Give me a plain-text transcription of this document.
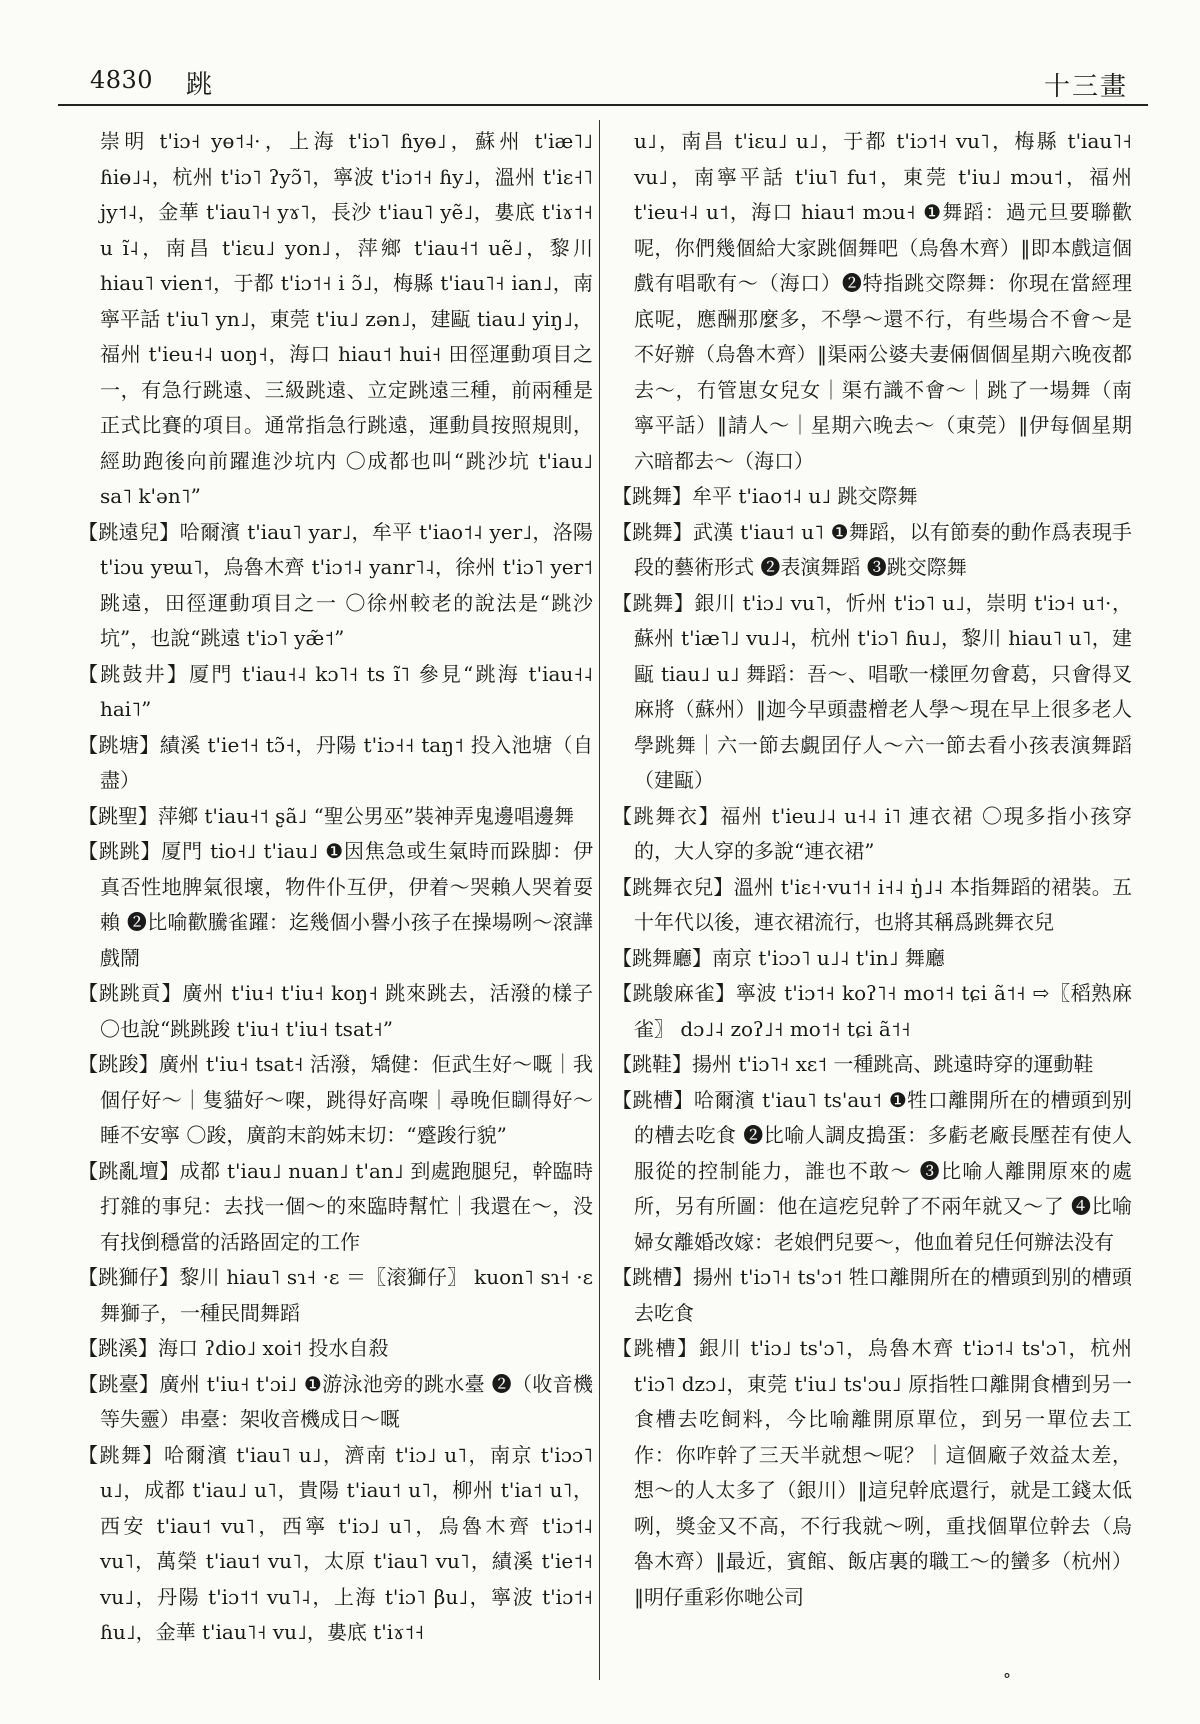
4830 跳	十三畫

崇明 t'iɔ˧ yɵ˦˨·，上海 t'iɔ˥ ɦyɵ˩，蘇州 t'iæ˥˩ ɦiɵ˩˨，杭州 t'iɔ˥ ʔyɔ̃˥，寧波 t'iɔ˦˧ ɦy˩，溫州 t'iɛ˧˥ jy˦˨，金華 t'iau˥˧ yɤ˥，長沙 t'iau˥ yẽ˩，婁底 t'iɤ˦˧ u ĩ˨，南昌 t'iɛu˩ yon˩，萍鄉 t'iau˧˦ uẽ˩，黎川 hiau˥ vien˦，于都 t'iɔ˦˧ i ɔ̃˩，梅縣 t'iau˥˧ ian˩，南寧平話 t'iu˥ yn˩，東莞 t'iu˩ zən˩，建甌 tiau˩ yiŋ˩，福州 t'ieu˧˨ uoŋ˧，海口 hiau˦ hui˧ 田徑運動項目之一，有急行跳遠、三級跳遠、立定跳遠三種，前兩種是正式比賽的項目。通常指急行跳遠，運動員按照規則，經助跑後向前躍進沙坑内 〇成都也叫“跳沙坑 t'iau˩ sa˥ k'ən˥”

【跳遠兒】哈爾濱 t'iau˥ yar˩，牟平 t'iao˦˨ yer˩，洛陽 t'iɔu yɐɯ˥，烏魯木齊 t'iɔ˦˨ yanr˥˨，徐州 t'iɔ˥ yer˦ 跳遠，田徑運動項目之一 〇徐州較老的說法是“跳沙坑”，也說“跳遠 t'iɔ˥ yæ̃˦”

【跳鼓井】厦門 t'iau˧˨ kɔ˥˧ ts ĩ˥ 參見“跳海 t'iau˧˨ hai˥”

【跳塘】績溪 t'ie˦˧ tɔ̃˧，丹陽 t'iɔ˧˧ taŋ˦ 投入池塘（自盡）

【跳聖】萍鄉 t'iau˧˦ ʂã˩ “聖公男巫”裝神弄鬼邊唱邊舞

【跳跳】厦門 tio˧˩ t'iau˩ ❶因焦急或生氣時而跺脚：伊真否性地脾氣很壞，物件仆互伊，伊着～哭賴人哭着耍賴 ❷比喻歡騰雀躍：迄幾個小譽小孩子在操場咧～滾譁戲鬧

【跳跳貢】廣州 t'iu˧ t'iu˧ koŋ˧ 跳來跳去，活潑的樣子 〇也說“跳跳踆 t'iu˧ t'iu˧ tsat˧”

【跳踆】廣州 t'iu˧ tsat˧ 活潑，矯健：佢武生好～嘅｜我個仔好～｜隻貓好～㗎，跳得好高㗎｜尋晚佢瞓得好～睡不安寧 〇踆，廣韵末韵姊末切：“蹙踆行貌”

【跳亂壇】成都 t'iau˩ nuan˩ t'an˩ 到處跑腿兒，幹臨時打雜的事兒：去找一個～的來臨時幫忙｜我還在～，没有找倒穩當的活路固定的工作

【跳獅仔】黎川 hiau˥ sɿ˧ ·ɛ ＝〖滚獅仔〗 kuon˥ sɿ˧ ·ɛ 舞獅子，一種民間舞蹈

【跳溪】海口 ʔdio˩ xoi˦ 投水自殺

【跳臺】廣州 t'iu˧ t'ɔi˩ ❶游泳池旁的跳水臺 ❷（收音機等失靈）串臺：架收音機成日～嘅

【跳舞】哈爾濱 t'iau˥ u˩，濟南 t'iɔ˩ u˥，南京 t'iɔɔ˥ u˩，成都 t'iau˩ u˥，貴陽 t'iau˦ u˥，柳州 t'ia˦ u˥，西安 t'iau˦ vu˥，西寧 t'iɔ˩ u˥，烏魯木齊 t'iɔ˦˨ vu˥，萬榮 t'iau˦ vu˥，太原 t'iau˥ vu˥，績溪 t'ie˦˧ vu˩，丹陽 t'iɔ˦˦ vu˥˨，上海 t'iɔ˥ βu˩，寧波 t'iɔ˦˧ ɦu˩，金華 t'iau˥˧ vu˩，婁底 t'iɤ˦˧

u˩，南昌 t'iɛu˩ u˩，于都 t'iɔ˦˧ vu˥，梅縣 t'iau˥˧ vu˩，南寧平話 t'iu˥ fu˦，東莞 t'iu˩ mɔu˦，福州 t'ieu˧˨ u˦，海口 hiau˦ mɔu˧ ❶舞蹈：過元旦要聯歡呢，你們幾個給大家跳個舞吧（烏魯木齊）‖即本戲這個戲有唱歌有～（海口）❷特指跳交際舞：你現在當經理底呢，應酬那麼多，不學～還不行，有些場合不會～是不好辦（烏魯木齊）‖渠兩公婆夫妻倆個個星期六晚夜都去～，冇管崽女兒女｜渠冇識不會～｜跳了一場舞（南寧平話）‖請人～｜星期六晚去～（東莞）‖伊每個星期六暗都去～（海口）

【跳舞】牟平 t'iao˦˨ u˩ 跳交際舞

【跳舞】武漢 t'iau˦ u˥ ❶舞蹈，以有節奏的動作爲表現手段的藝術形式 ❷表演舞蹈 ❸跳交際舞

【跳舞】銀川 t'iɔ˩ vu˥，忻州 t'iɔ˥ u˩，崇明 t'iɔ˧ u˦·，蘇州 t'iæ˥˩ vu˩˨，杭州 t'iɔ˥ ɦu˩，黎川 hiau˥ u˥，建甌 tiau˩ u˩ 舞蹈：吾～、唱歌一樣匣勿會葛，只會得叉麻將（蘇州）‖迦今早頭盡橧老人學～現在早上很多老人學跳舞｜六一節去覷囝仔人～六一節去看小孩表演舞蹈（建甌）

【跳舞衣】福州 t'ieu˩˨ u˧˨ i˥ 連衣裙 〇現多指小孩穿的，大人穿的多說“連衣裙”

【跳舞衣兒】溫州 t'iɛ˧·vu˦˧ i˧˨ ŋ̍˩˨ 本指舞蹈的裙裝。五十年代以後，連衣裙流行，也將其稱爲跳舞衣兒

【跳舞廳】南京 t'iɔɔ˥ u˩˨ t'in˩ 舞廳

【跳鵔麻雀】寧波 t'iɔ˦˧ koʔ˥˧ mo˦˧ tɕi ã˦˧ ⇨〖稻熟麻雀〗 dɔ˩˨ zoʔ˩˧ mo˦˧ tɕi ã˦˧

【跳鞋】揚州 t'iɔ˥˧ xɛ˦ 一種跳高、跳遠時穿的運動鞋

【跳槽】哈爾濱 t'iau˥ ts'au˦ ❶牲口離開所在的槽頭到别的槽去吃食 ❷比喻人調皮搗蛋：多虧老廠長壓茬有使人服從的控制能力，誰也不敢～ ❸比喻人離開原來的處所，另有所圖：他在這疙兒幹了不兩年就又～了 ❹比喻婦女離婚改嫁：老娘們兒要～，他血着兒任何辦法没有

【跳槽】揚州 t'iɔ˥˧ ts'ɔ˦ 牲口離開所在的槽頭到别的槽頭去吃食

【跳槽】銀川 t'iɔ˩ ts'ɔ˥，烏魯木齊 t'iɔ˦˨ ts'ɔ˥，杭州 t'iɔ˥ dzɔ˩，東莞 t'iu˩ ts'ɔu˩ 原指牲口離開食槽到另一食槽去吃飼料，今比喻離開原單位，到另一單位去工作：你咋幹了三天半就想～呢？｜這個廠子效益太差，想～的人太多了（銀川）‖這兒幹底還行，就是工錢太低咧，獎金又不高，不行我就～咧，重找個單位幹去（烏魯木齊）‖最近，賓館、飯店裏的職工～的蠻多（杭州）‖明仔重彩你哋公司

°
